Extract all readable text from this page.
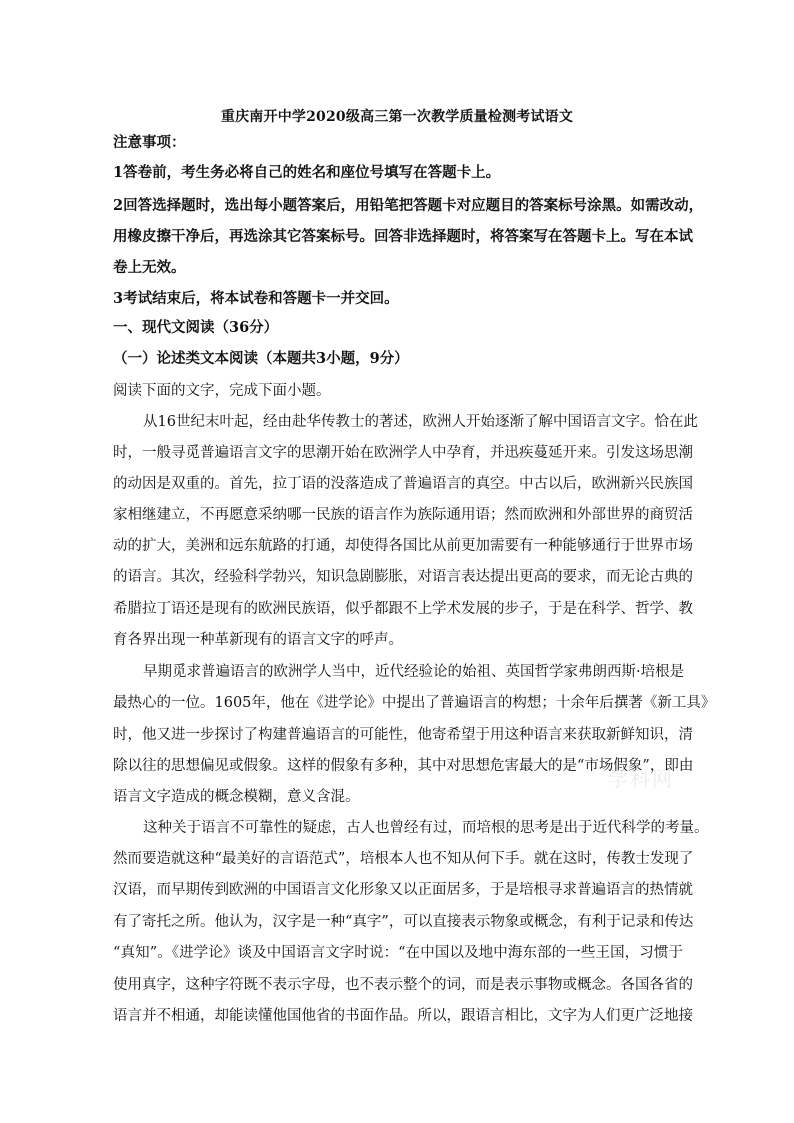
重庆南开中学2020级高三第一次教学质量检测考试语文
注意事项：
1答卷前，考生务必将自己的姓名和座位号填写在答题卡上。
2回答选择题时，选出每小题答案后，用铅笔把答题卡对应题目的答案标号涂黑。如需改动，
用橡皮擦干净后，再选涂其它答案标号。回答非选择题时，将答案写在答题卡上。写在本试
卷上无效。
3考试结束后，将本试卷和答题卡一并交回。
一、现代文阅读（36分）
（一）论述类文本阅读（本题共3小题，9分）
阅读下面的文字，完成下面小题。
从16世纪末叶起，经由赴华传教士的著述，欧洲人开始逐渐了解中国语言文字。恰在此
时，一般寻觅普遍语言文字的思潮开始在欧洲学人中孕育，并迅疾蔓延开来。引发这场思潮
的动因是双重的。首先，拉丁语的没落造成了普遍语言的真空。中古以后，欧洲新兴民族国
家相继建立，不再愿意采纳哪一民族的语言作为族际通用语；然而欧洲和外部世界的商贸活
动的扩大，美洲和远东航路的打通，却使得各国比从前更加需要有一种能够通行于世界市场
的语言。其次，经验科学勃兴，知识急剧膨胀，对语言表达提出更高的要求，而无论古典的
希腊拉丁语还是现有的欧洲民族语，似乎都跟不上学术发展的步子，于是在科学、哲学、教
育各界出现一种革新现有的语言文字的呼声。
早期觅求普遍语言的欧洲学人当中，近代经验论的始祖、英国哲学家弗朗西斯·培根是
最热心的一位。1605年，他在《进学论》中提出了普遍语言的构想；十余年后撰著《新工具》
时，他又进一步探讨了构建普遍语言的可能性，他寄希望于用这种语言来获取新鲜知识，清
除以往的思想偏见或假象。这样的假象有多种，其中对思想危害最大的是“市场假象”，即由
语言文字造成的概念模糊，意义含混。
这种关于语言不可靠性的疑虑，古人也曾经有过，而培根的思考是出于近代科学的考量。
然而要造就这种“最美好的言语范式”，培根本人也不知从何下手。就在这时，传教士发现了
汉语，而早期传到欧洲的中国语言文化形象又以正面居多，于是培根寻求普遍语言的热情就
有了寄托之所。他认为，汉字是一种“真字”，可以直接表示物象或概念，有利于记录和传达
“真知”。《进学论》谈及中国语言文字时说：“在中国以及地中海东部的一些王国，习惯于
使用真字，这种字符既不表示字母，也不表示整个的词，而是表示事物或概念。各国各省的
语言并不相通，却能读懂他国他省的书面作品。所以，跟语言相比，文字为人们更广泛地接
学科网
